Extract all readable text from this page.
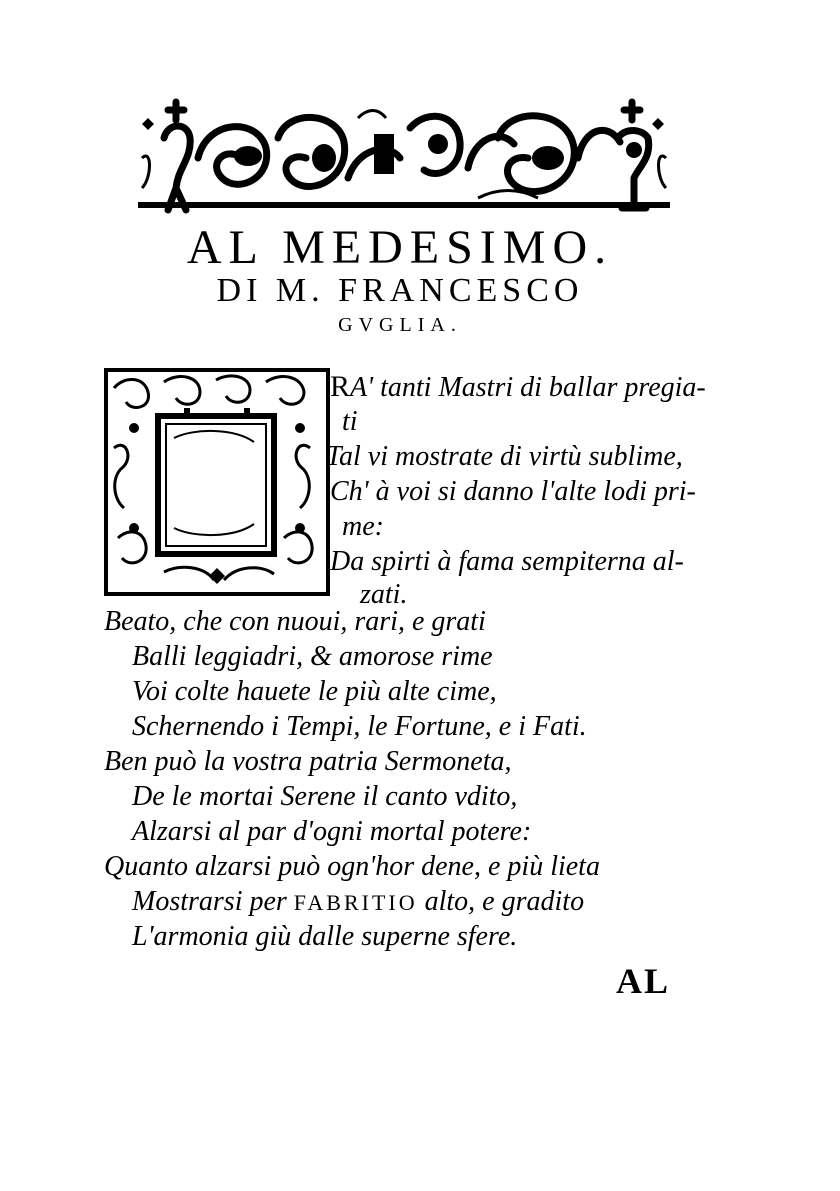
AL MEDESIMO.
DI M. FRANCESCO
GVGLIA.
RA' tanti Mastri di ballar pregia-
ti
Tal vi mostrate di virtù sublime,
Ch' à voi si danno l'alte lodi pri-
me:
Da spirti à fama sempiterna al-
zati.
Beato, che con nuoui, rari, e grati
Balli leggiadri, & amorose rime
Voi colte hauete le più alte cime,
Schernendo i Tempi, le Fortune, e i Fati.
Ben può la vostra patria Sermoneta,
De le mortai Serene il canto vdito,
Alzarsi al par d'ogni mortal potere:
Quanto alzarsi può ogn'hor dene, e più lieta
Mostrarsi per FABRITIO alto, e gradito
L'armonia giù dalle superne sfere.
AL
